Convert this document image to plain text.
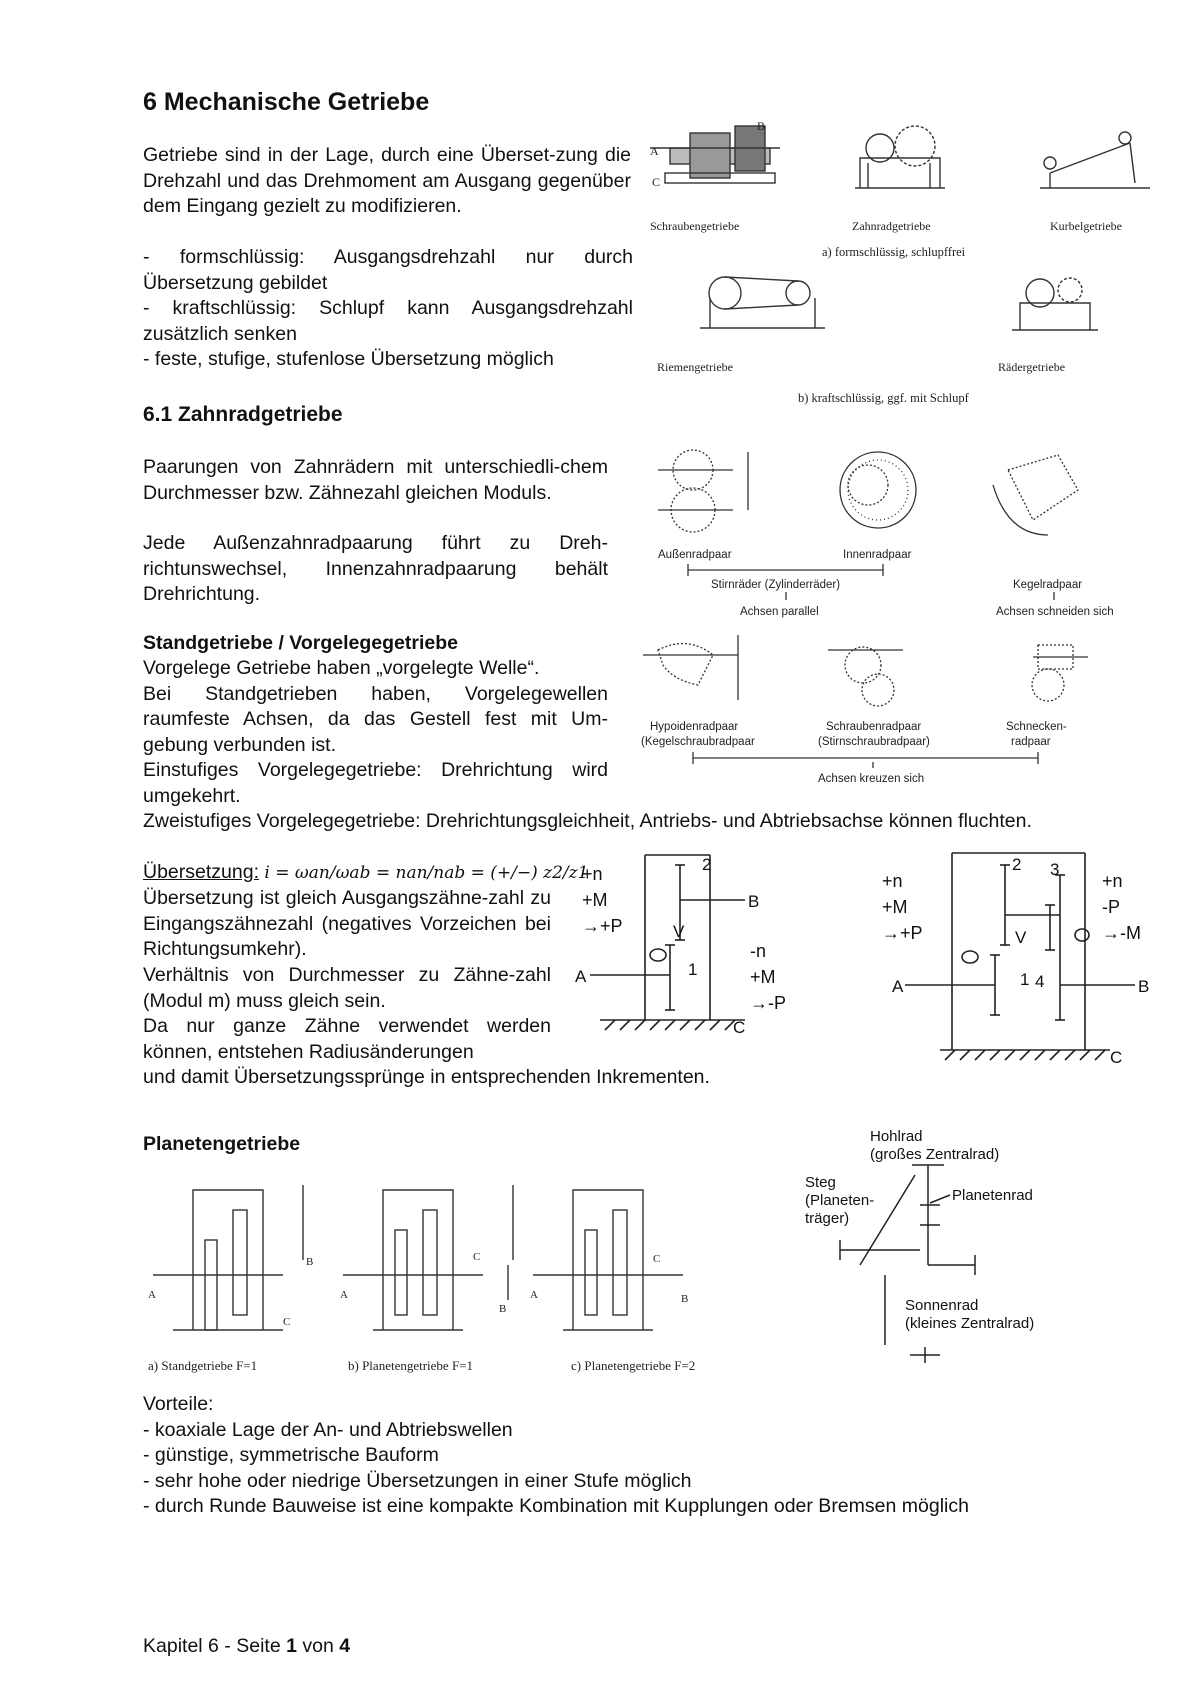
6 Mechanische Getriebe
Getriebe sind in der Lage, durch eine Überset-zung die Drehzahl und das Drehmoment am Ausgang gegenüber dem Eingang gezielt zu modifizieren.
- formschlüssig: Ausgangsdrehzahl nur durch Übersetzung gebildet
- kraftschlüssig: Schlupf kann Ausgangsdrehzahl zusätzlich senken
- feste, stufige, stufenlose Übersetzung möglich
A
B
C
Schraubengetriebe	Zahnradgetriebe	Kurbelgetriebe
a) formschlüssig, schlupffrei
Riemengetriebe	Rädergetriebe
b) kraftschlüssig, ggf. mit Schlupf
6.1 Zahnradgetriebe
Paarungen von Zahnrädern mit unterschiedli-chem Durchmesser bzw. Zähnezahl gleichen Moduls.
Jede Außenzahnradpaarung führt zu Dreh-richtunswechsel, Innenzahnradpaarung behält Drehrichtung.
Außenradpaar	Innenradpaar
Kegelradpaar
Stirnräder (Zylinderräder)
Achsen parallel	Achsen schneiden sich
Hypoidenradpaar
(Kegelschraubradpaar
Schraubenradpaar
(Stirnschraubradpaar)
Schnecken-
radpaar
Achsen kreuzen sich
Standgetriebe / Vorgelegegetriebe
Vorgelege Getriebe haben „vorgelegte Welle“.
Bei Standgetrieben haben, Vorgelegewellen raumfeste Achsen, da das Gestell fest mit Um-gebung verbunden ist.
Einstufiges Vorgelegegetriebe: Drehrichtung wird umgekehrt.
Zweistufiges Vorgelegegetriebe: Drehrichtungsgleichheit, Antriebs- und Abtriebsachse können fluchten.
Übersetzung: i = ωan/ωab = nan/nab = (+/−) z2/z1
Übersetzung ist gleich Ausgangszähne-zahl zu Eingangszähnezahl (negatives Vorzeichen bei Richtungsumkehr).
Verhältnis von Durchmesser zu Zähne-zahl (Modul m) muss gleich sein.
Da nur ganze Zähne verwendet werden können, entstehen Radiusänderungen
und damit Übersetzungssprünge in entsprechenden Inkrementen.
+n
+M
→+P	V
A
2
1
B
C
-n
+M
→-P
+n
+M
→+P	V
A	1
2 3
4	B
C
+n
-P
→-M
Planetengetriebe
A
B
C
A
C
B
A
C
B
a) Standgetriebe F=1	b) Planetengetriebe F=1	c) Planetengetriebe F=2
Hohlrad
(großes Zentralrad)
Steg
(Planeten-
träger)
Planetenrad
Sonnenrad
(kleines Zentralrad)
Vorteile:
- koaxiale Lage der An- und Abtriebswellen
- günstige, symmetrische Bauform
- sehr hohe oder niedrige Übersetzungen in einer Stufe möglich
- durch Runde Bauweise ist eine kompakte Kombination mit Kupplungen oder Bremsen möglich
Kapitel 6 - Seite 1 von 4
